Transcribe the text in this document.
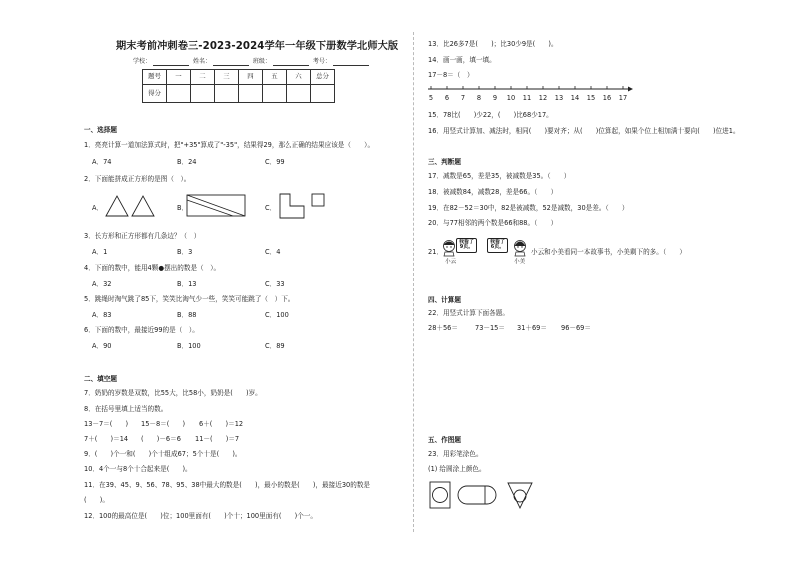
期末考前冲刺卷三-2023-2024学年一年级下册数学北师大版
学校：	姓名：	班级：	考号：
题号	一	二	三	四	五	六	总分
得分							
一、选择题
1．亮亮计算一道加法算式时，把"+35"算成了"-35"，结果得29，那么正确的结果应该是（　　）。
A．74	B．24	C．99
2．下面能拼成正方形的是图（　）。
A．	B．	C．
3．长方形和正方形都有几条边？（　）
A．1	B．3	C．4
4．下面的数中，能用4颗●摆出的数是（　）。
A．32	B．13	C．33
5．跳绳时淘气跳了85下，笑笑比淘气少一些，笑笑可能跳了（　）下。
A．83	B．88	C．100
6．下面的数中，最接近99的是（　）。
A．90	B．100	C．89
二、填空题
7．奶奶的岁数是双数，比55大，比58小，奶奶是(　　)岁。
8．在括号里填上适当的数。
13－7＝(　　) 15－8＝(　　) 6＋(　　)＝12
7＋(　　)＝14 (　　)－6＝6 11－(　　)＝7
9．(　　)个一和(　　)个十组成67；5个十是(　　)。
10．4个一与8个十合起来是(　　)。
11．在39、45、9、56、78、95、38中最大的数是(　　)，最小的数是(　　)，最接近30的数是
(　　)。
12．100的最高位是(　　)位；100里面有(　　)个十；100里面有(　　)个一。
13．比26多7是(　　)；比30少9是(　　)。
14．画一画，填一填。
17－8＝（　）
5 6 7 8 9 10 11 12 13 14 15 16 17
15．78比(　　)少22，(　　)比68少17。
16．用竖式计算加、减法时，相同(　　)要对齐；从(　　)位算起，如果个位上相加满十要向(　　)位进1。
三、判断题
17．减数是65，差是35，被减数是35。（　　）
18．被减数84，减数28，差是66。（　　）
19．在82－52＝30中，82是被减数，52是减数，30是差。（　　）
20．与77相邻的两个数是66和88。（　　）
21．
我看了
9页。
我看了
6页。
小云	小美
小云和小美看同一本故事书，小美剩下的多。（　　）
四、计算题
22．用竖式计算下面各题。
28＋56＝	73－15＝ 31＋69＝ 96－69＝
五、作图题
23．用彩笔涂色。
(1) 给圆涂上颜色。
